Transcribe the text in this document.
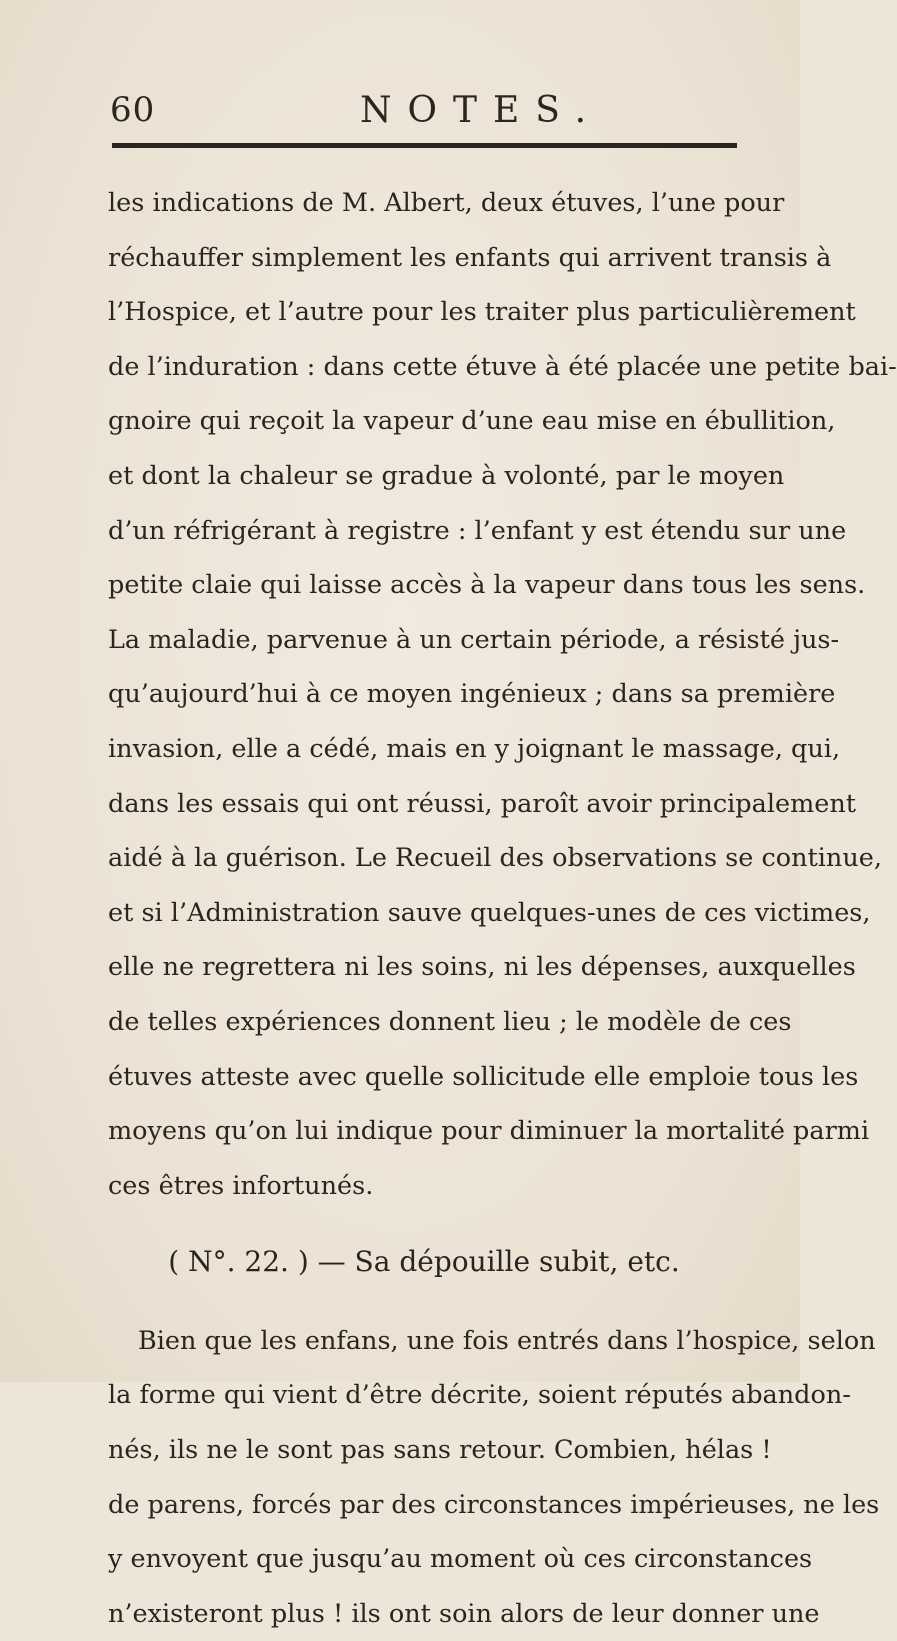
60	NOTES.
les indications de M. Albert, deux étuves, l’une pour
réchauffer simplement les enfants qui arrivent transis à
l’Hospice, et l’autre pour les traiter plus particulièrement
de l’induration : dans cette étuve à été placée une petite bai-
gnoire qui reçoit la vapeur d’une eau mise en ébullition,
et dont la chaleur se gradue à volonté, par le moyen
d’un réfrigérant à registre : l’enfant y est étendu sur une
petite claie qui laisse accès à la vapeur dans tous les sens.
La maladie, parvenue à un certain période, a résisté jus-
qu’aujourd’hui à ce moyen ingénieux ; dans sa première
invasion, elle a cédé, mais en y joignant le massage, qui,
dans les essais qui ont réussi, paroît avoir principalement
aidé à la guérison. Le Recueil des observations se continue,
et si l’Administration sauve quelques-unes de ces victimes,
elle ne regrettera ni les soins, ni les dépenses, auxquelles
de telles expériences donnent lieu ; le modèle de ces
étuves atteste avec quelle sollicitude elle emploie tous les
moyens qu’on lui indique pour diminuer la mortalité parmi
ces êtres infortunés.
( N°. 22. ) — Sa dépouille subit, etc.
Bien que les enfans, une fois entrés dans l’hospice, selon
la forme qui vient d’être décrite, soient réputés abandon-
nés, ils ne le sont pas sans retour. Combien, hélas !
de parens, forcés par des circonstances impérieuses, ne les
y envoyent que jusqu’au moment où ces circonstances
n’existeront plus ! ils ont soin alors de leur donner une
